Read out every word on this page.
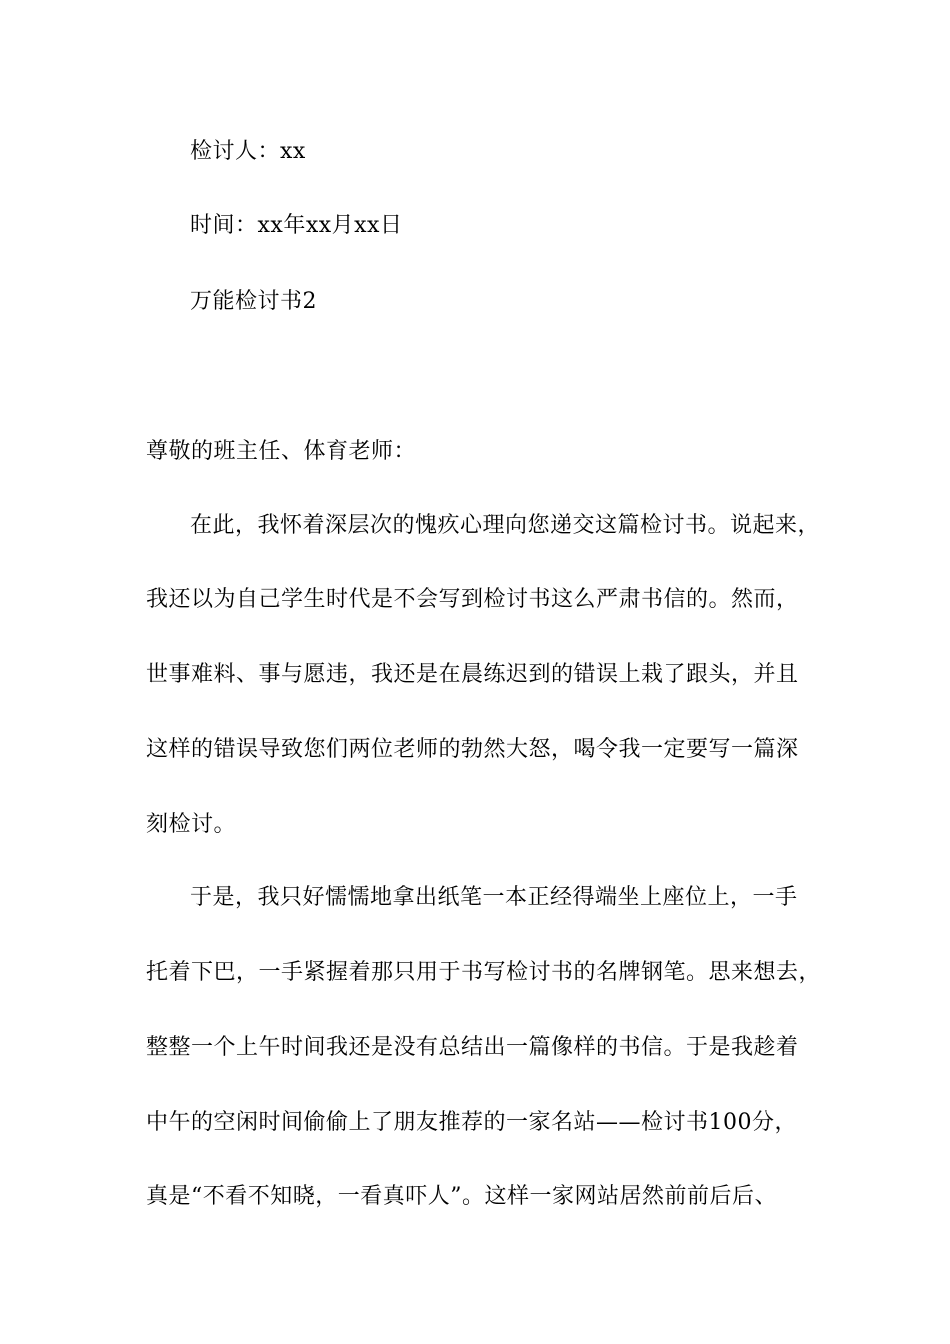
检讨人：xx
时间：xx年xx月xx日
万能检讨书2
尊敬的班主任、体育老师：
在此，我怀着深层次的愧疚心理向您递交这篇检讨书。说起来，
我还以为自己学生时代是不会写到检讨书这么严肃书信的。然而，
世事难料、事与愿违，我还是在晨练迟到的错误上栽了跟头，并且
这样的错误导致您们两位老师的勃然大怒，喝令我一定要写一篇深
刻检讨。
于是，我只好懦懦地拿出纸笔一本正经得端坐上座位上，一手
托着下巴，一手紧握着那只用于书写检讨书的名牌钢笔。思来想去，
整整一个上午时间我还是没有总结出一篇像样的书信。于是我趁着
中午的空闲时间偷偷上了朋友推荐的一家名站——检讨书100分，
真是“不看不知晓，一看真吓人”。这样一家网站居然前前后后、
